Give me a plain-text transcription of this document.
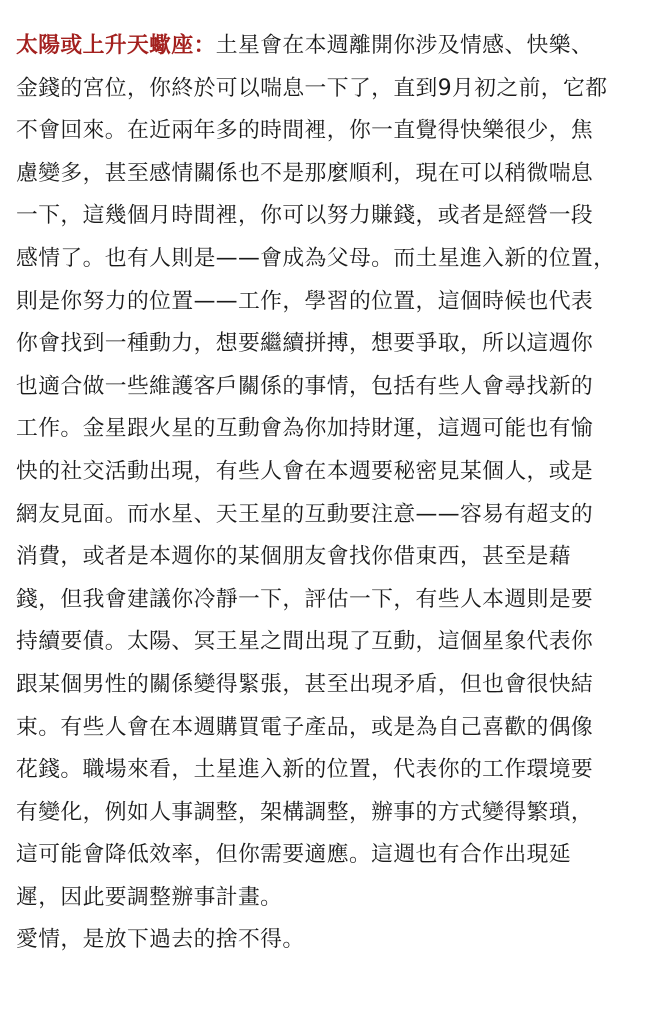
太陽或上升天蠍座：土星會在本週離開你涉及情感、快樂、
金錢的宮位，你終於可以喘息一下了，直到9月初之前，它都
不會回來。在近兩年多的時間裡，你一直覺得快樂很少，焦
慮變多，甚至感情關係也不是那麼順利，現在可以稍微喘息
一下，這幾個月時間裡，你可以努力賺錢，或者是經營一段
感情了。也有人則是——會成為父母。而土星進入新的位置，
則是你努力的位置——工作，學習的位置，這個時候也代表
你會找到一種動力，想要繼續拼搏，想要爭取，所以這週你
也適合做一些維護客戶關係的事情，包括有些人會尋找新的
工作。金星跟火星的互動會為你加持財運，這週可能也有愉
快的社交活動出現，有些人會在本週要秘密見某個人，或是
網友見面。而水星、天王星的互動要注意——容易有超支的
消費，或者是本週你的某個朋友會找你借東西，甚至是藉
錢，但我會建議你冷靜一下，評估一下，有些人本週則是要
持續要債。太陽、冥王星之間出現了互動，這個星象代表你
跟某個男性的關係變得緊張，甚至出現矛盾，但也會很快結
束。有些人會在本週購買電子產品，或是為自己喜歡的偶像
花錢。職場來看，土星進入新的位置，代表你的工作環境要
有變化，例如人事調整，架構調整，辦事的方式變得繁瑣，
這可能會降低效率，但你需要適應。這週也有合作出現延
遲，因此要調整辦事計畫。
愛情，是放下過去的捨不得。
